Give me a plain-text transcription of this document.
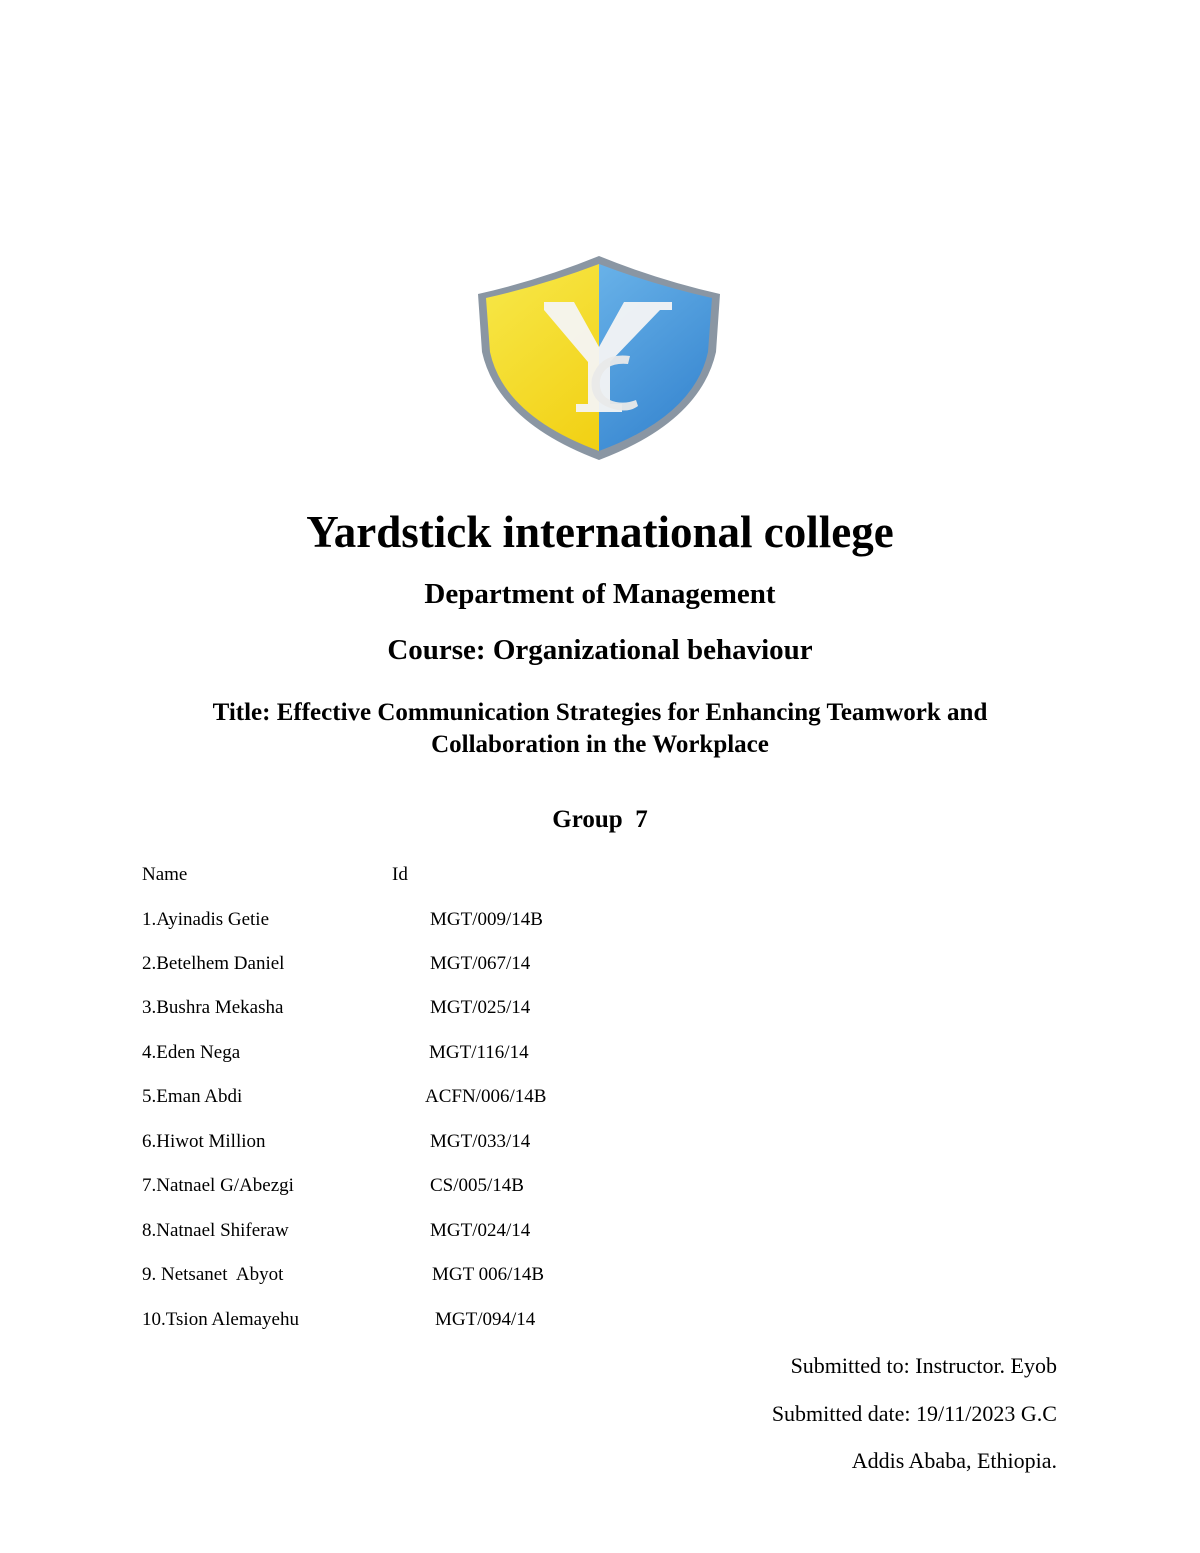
Yardstick international college
Department of Management
Course: Organizational behaviour
Title: Effective Communication Strategies for Enhancing Teamwork and
Collaboration in the Workplace
Group  7
Name	Id
1.Ayinadis Getie	MGT/009/14B
2.Betelhem Daniel	MGT/067/14
3.Bushra Mekasha	MGT/025/14
4.Eden Nega	MGT/116/14
5.Eman Abdi	ACFN/006/14B
6.Hiwot Million	MGT/033/14
7.Natnael G/Abezgi	CS/005/14B
8.Natnael Shiferaw	MGT/024/14
9. Netsanet  Abyot	MGT 006/14B
10.Tsion Alemayehu	MGT/094/14
Submitted to: Instructor. Eyob
Submitted date: 19/11/2023 G.C
Addis Ababa, Ethiopia.
